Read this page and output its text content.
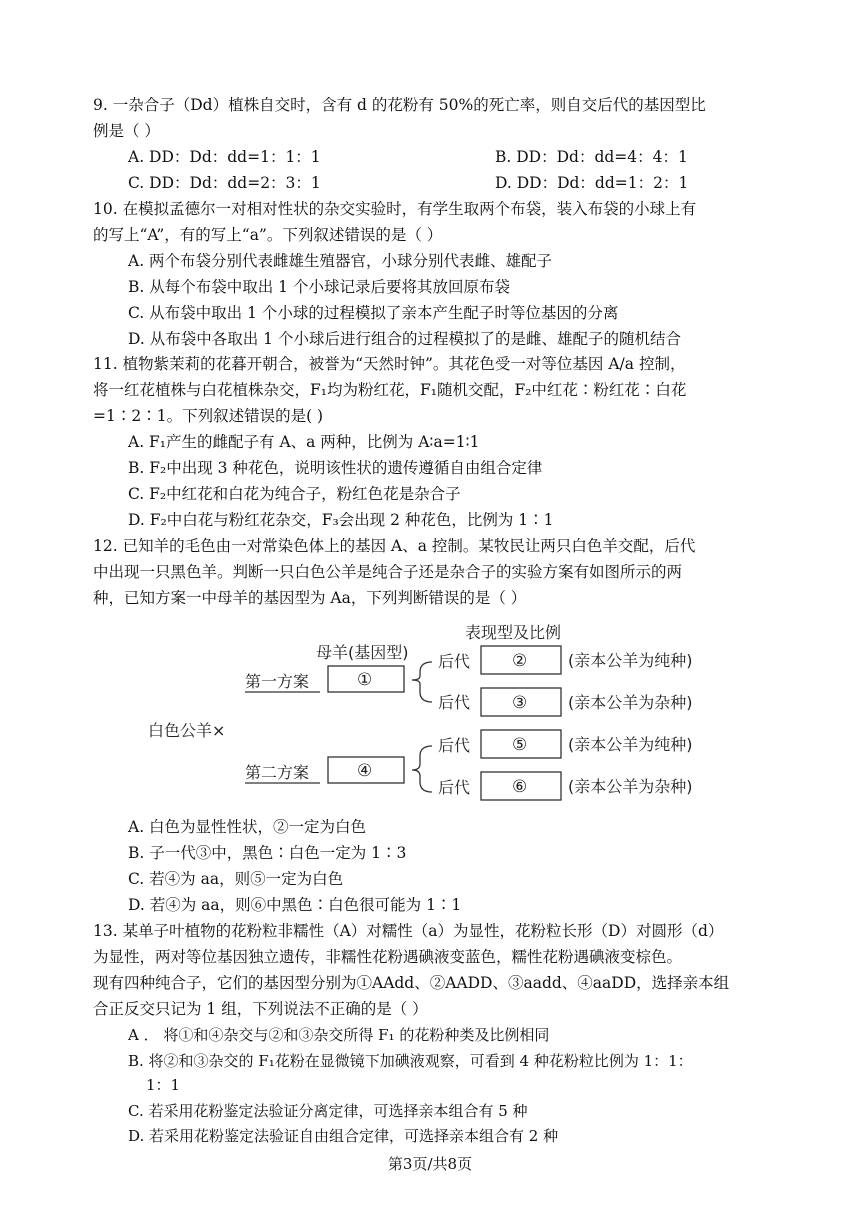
9. 一杂合子（Dd）植株自交时，含有 d 的花粉有 50%的死亡率，则自交后代的基因型比
例是（ ）
A. DD：Dd：dd=1：1：1	B. DD：Dd：dd=4：4：1
C. DD：Dd：dd=2：3：1	D. DD：Dd：dd=1：2：1
10. 在模拟孟德尔一对相对性状的杂交实验时，有学生取两个布袋，装入布袋的小球上有
的写上“A”，有的写上“a”。下列叙述错误的是（ ）
A. 两个布袋分别代表雌雄生殖器官，小球分别代表雌、雄配子
B. 从每个布袋中取出 1 个小球记录后要将其放回原布袋
C. 从布袋中取出 1 个小球的过程模拟了亲本产生配子时等位基因的分离
D. 从布袋中各取出 1 个小球后进行组合的过程模拟了的是雌、雄配子的随机结合
11. 植物紫茉莉的花暮开朝合，被誉为“天然时钟”。其花色受一对等位基因 A/a 控制，
将一红花植株与白花植株杂交，F₁均为粉红花，F₁随机交配，F₂中红花∶粉红花∶白花
=1∶2∶1。下列叙述错误的是( )
A. F₁产生的雌配子有 A、a 两种，比例为 A∶a=1∶1
B. F₂中出现 3 种花色，说明该性状的遗传遵循自由组合定律
C. F₂中红花和白花为纯合子，粉红色花是杂合子
D. F₂中白花与粉红花杂交，F₃会出现 2 种花色，比例为 1∶1
12. 已知羊的毛色由一对常染色体上的基因 A、a 控制。某牧民让两只白色羊交配，后代
中出现一只黑色羊。判断一只白色公羊是纯合子还是杂合子的实验方案有如图所示的两
种，已知方案一中母羊的基因型为 Aa，下列判断错误的是（ ）
表现型及比例
母羊(基因型)
第一方案
第二方案
白色公羊×
①
④
后代
后代
后代
后代
②
③
⑤
⑥
(亲本公羊为纯种)
(亲本公羊为杂种)
(亲本公羊为纯种)
(亲本公羊为杂种)
A. 白色为显性性状，②一定为白色
B. 子一代③中，黑色∶白色一定为 1∶3
C. 若④为 aa，则⑤一定为白色
D. 若④为 aa，则⑥中黑色∶白色很可能为 1∶1
13. 某单子叶植物的花粉粒非糯性（A）对糯性（a）为显性，花粉粒长形（D）对圆形（d）
为显性，两对等位基因独立遗传，非糯性花粉遇碘液变蓝色，糯性花粉遇碘液变棕色。
现有四种纯合子，它们的基因型分别为①AAdd、②AADD、③aadd、④aaDD，选择亲本组
合正反交只记为 1 组，下列说法不正确的是（ ）
A ． 将①和④杂交与②和③杂交所得 F₁ 的花粉种类及比例相同
B. 将②和③杂交的 F₁花粉在显微镜下加碘液观察，可看到 4 种花粉粒比例为 1：1：
1：1
C. 若采用花粉鉴定法验证分离定律，可选择亲本组合有 5 种
D. 若采用花粉鉴定法验证自由组合定律，可选择亲本组合有 2 种
第3页/共8页
